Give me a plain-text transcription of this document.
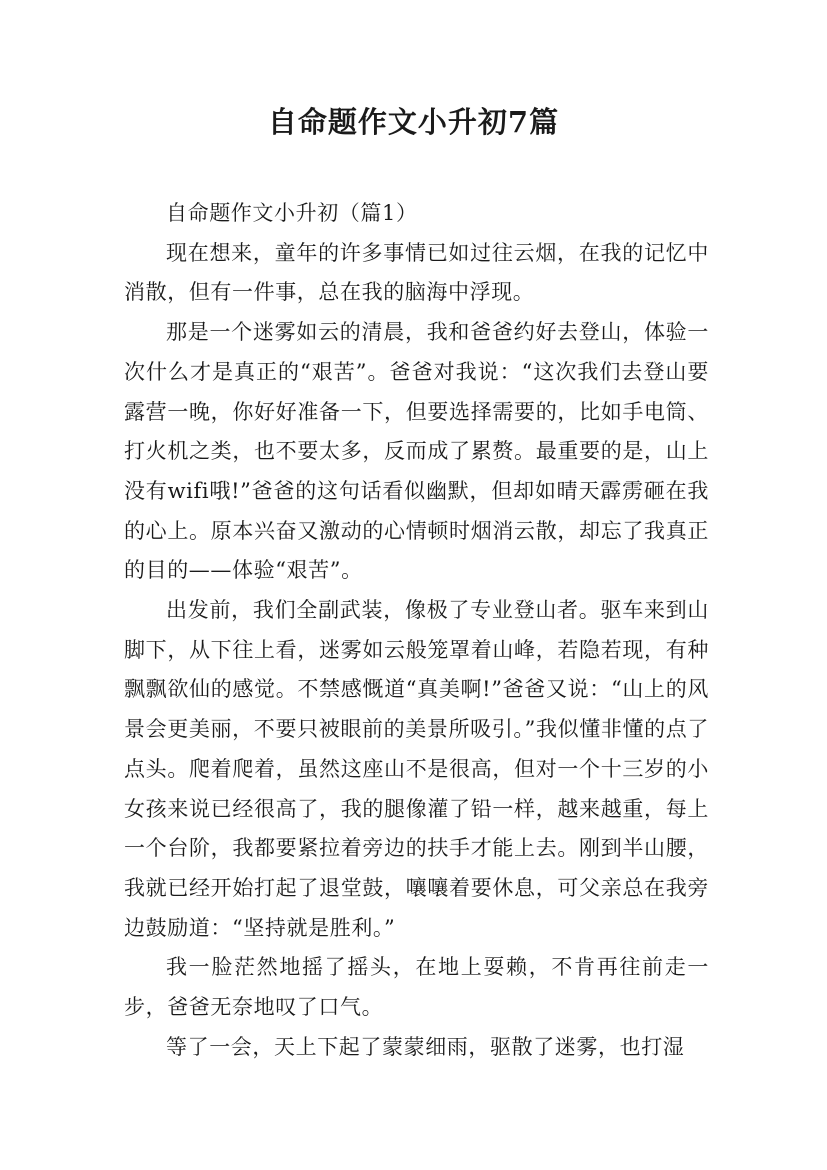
自命题作文小升初7篇

自命题作文小升初（篇1）

现在想来，童年的许多事情已如过往云烟，在我的记忆中消散，但有一件事，总在我的脑海中浮现。

那是一个迷雾如云的清晨，我和爸爸约好去登山，体验一次什么才是真正的“艰苦”。爸爸对我说：“这次我们去登山要露营一晚，你好好准备一下，但要选择需要的，比如手电筒、打火机之类，也不要太多，反而成了累赘。最重要的是，山上没有wifi哦!”爸爸的这句话看似幽默，但却如晴天霹雳砸在我的心上。原本兴奋又激动的心情顿时烟消云散，却忘了我真正的目的——体验“艰苦”。

出发前，我们全副武装，像极了专业登山者。驱车来到山脚下，从下往上看，迷雾如云般笼罩着山峰，若隐若现，有种飘飘欲仙的感觉。不禁感慨道“真美啊!”爸爸又说：“山上的风景会更美丽，不要只被眼前的美景所吸引。”我似懂非懂的点了点头。爬着爬着，虽然这座山不是很高，但对一个十三岁的小女孩来说已经很高了，我的腿像灌了铅一样，越来越重，每上一个台阶，我都要紧拉着旁边的扶手才能上去。刚到半山腰，我就已经开始打起了退堂鼓，嚷嚷着要休息，可父亲总在我旁边鼓励道：“坚持就是胜利。”

我一脸茫然地摇了摇头，在地上耍赖，不肯再往前走一步，爸爸无奈地叹了口气。

等了一会，天上下起了蒙蒙细雨，驱散了迷雾，也打湿
